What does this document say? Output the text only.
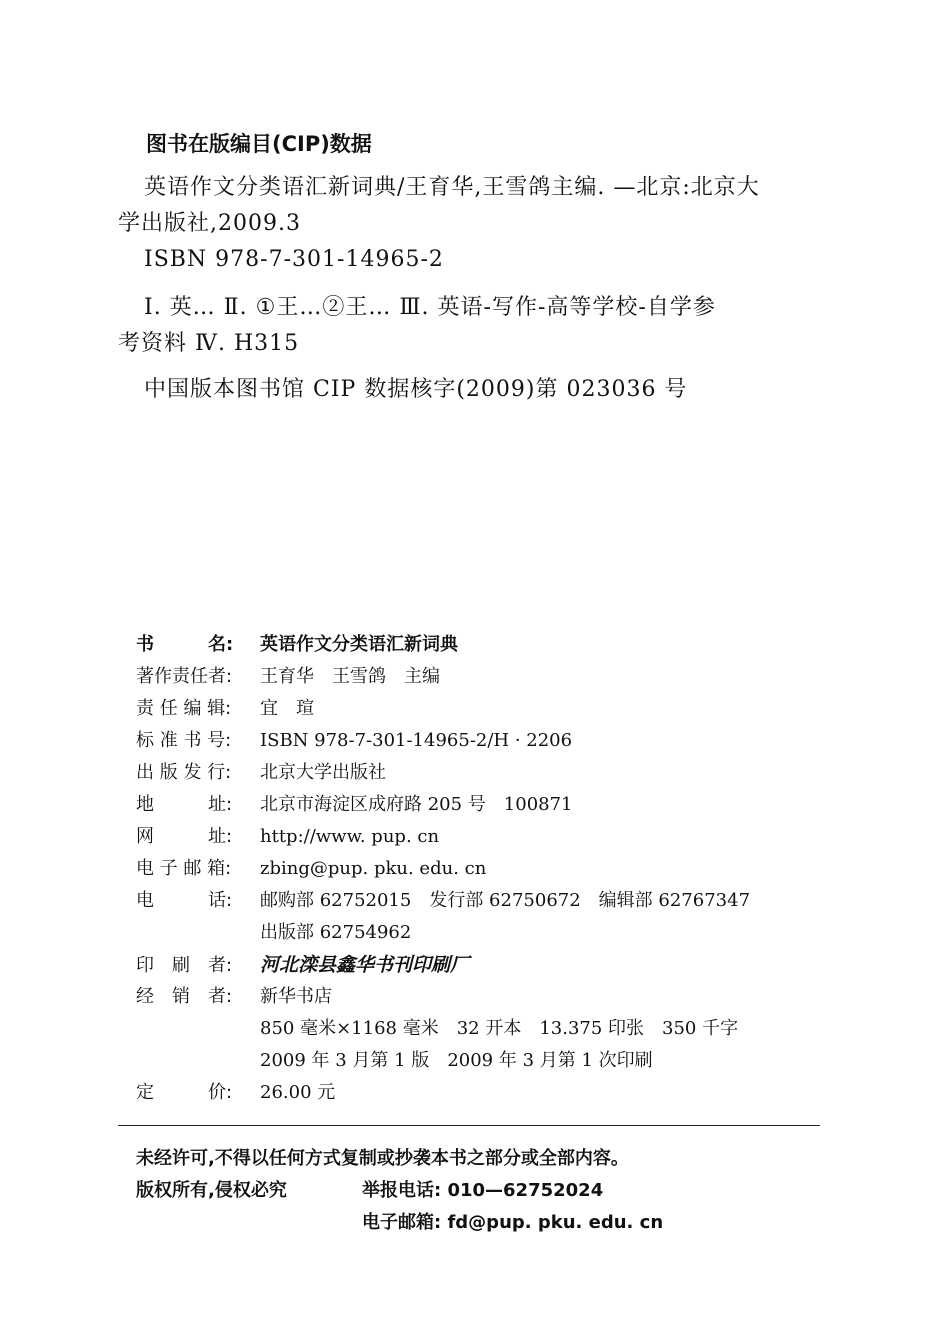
图书在版编目(CIP)数据
英语作文分类语汇新词典/王育华,王雪鸽主编. —北京:北京大
学出版社,2009.3
ISBN 978-7-301-14965-2
Ⅰ. 英… Ⅱ. ①王…②王… Ⅲ. 英语-写作-高等学校-自学参
考资料 Ⅳ. H315
中国版本图书馆 CIP 数据核字(2009)第 023036 号
书　　　名: 英语作文分类语汇新词典
著作责任者: 王育华　王雪鸽　主编
责 任 编 辑: 宜　瑄
标 准 书 号: ISBN 978-7-301-14965-2/H · 2206
出 版 发 行: 北京大学出版社
地　　　址: 北京市海淀区成府路 205 号　100871
网　　　址: http://www. pup. cn
电 子 邮 箱: zbing@pup. pku. edu. cn
电　　　话: 邮购部 62752015　发行部 62750672　编辑部 62767347
出版部 62754962
印　刷　者: 河北滦县鑫华书刊印刷厂
经　销　者: 新华书店
850 毫米×1168 毫米　32 开本　13.375 印张　350 千字
2009 年 3 月第 1 版　2009 年 3 月第 1 次印刷
定　　　价: 26.00 元
未经许可,不得以任何方式复制或抄袭本书之部分或全部内容。
版权所有,侵权必究	举报电话: 010—62752024
电子邮箱: fd@pup. pku. edu. cn
